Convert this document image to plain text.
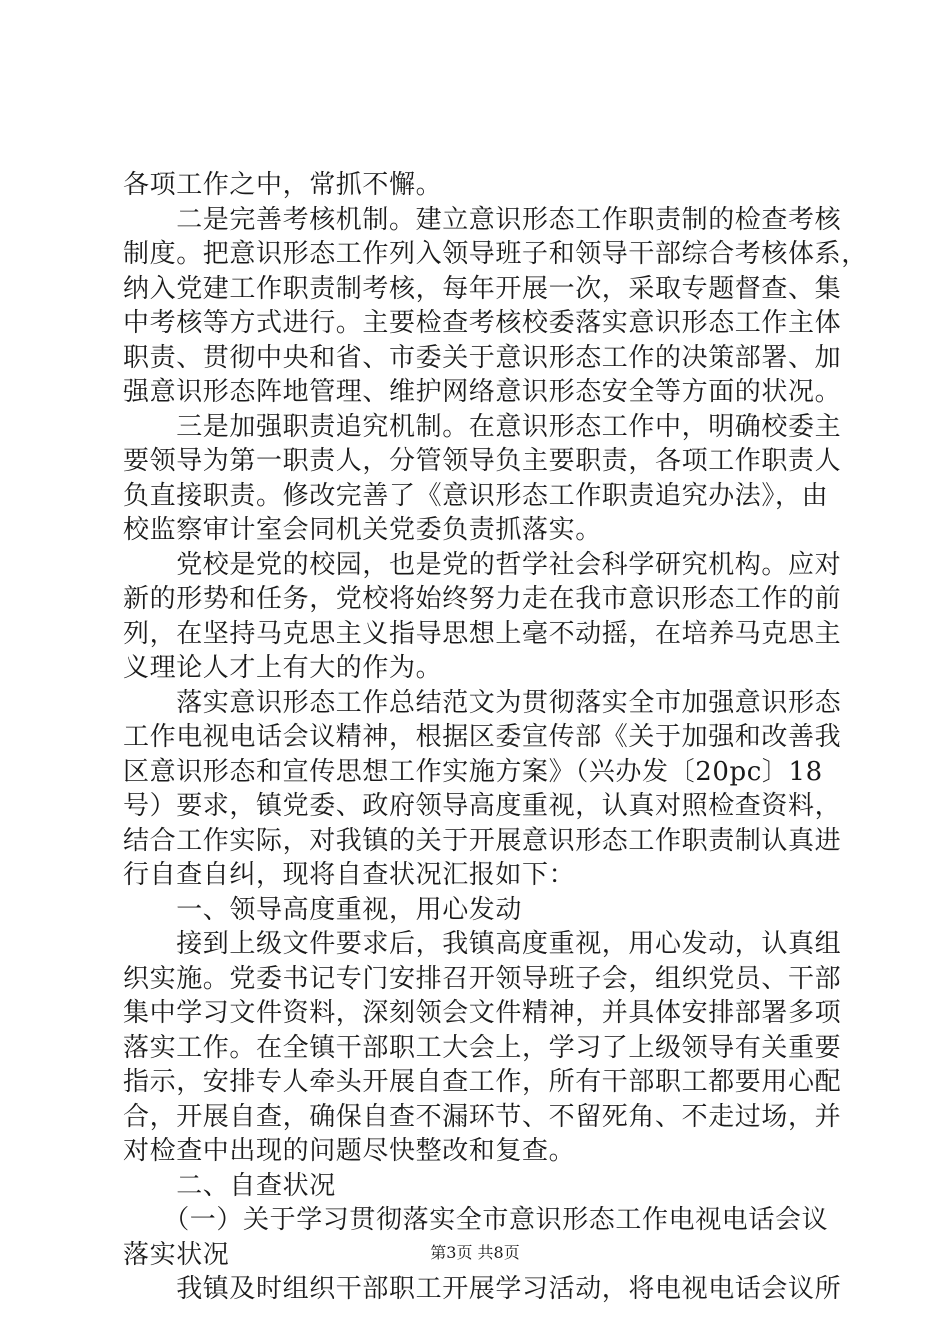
各项工作之中，常抓不懈。
　　二是完善考核机制。建立意识形态工作职责制的检查考核
制度。把意识形态工作列入领导班子和领导干部综合考核体系，
纳入党建工作职责制考核，每年开展一次，采取专题督查、集
中考核等方式进行。主要检查考核校委落实意识形态工作主体
职责、贯彻中央和省、市委关于意识形态工作的决策部署、加
强意识形态阵地管理、维护网络意识形态安全等方面的状况。
　　三是加强职责追究机制。在意识形态工作中，明确校委主
要领导为第一职责人，分管领导负主要职责，各项工作职责人
负直接职责。修改完善了《意识形态工作职责追究办法》，由
校监察审计室会同机关党委负责抓落实。
　　党校是党的校园，也是党的哲学社会科学研究机构。应对
新的形势和任务，党校将始终努力走在我市意识形态工作的前
列，在坚持马克思主义指导思想上毫不动摇，在培养马克思主
义理论人才上有大的作为。
　　落实意识形态工作总结范文为贯彻落实全市加强意识形态
工作电视电话会议精神，根据区委宣传部《关于加强和改善我
区意识形态和宣传思想工作实施方案》（兴办发〔20pc〕18
号）要求，镇党委、政府领导高度重视，认真对照检查资料，
结合工作实际，对我镇的关于开展意识形态工作职责制认真进
行自查自纠，现将自查状况汇报如下：
　　一、领导高度重视，用心发动
　　接到上级文件要求后，我镇高度重视，用心发动，认真组
织实施。党委书记专门安排召开领导班子会，组织党员、干部
集中学习文件资料，深刻领会文件精神，并具体安排部署多项
落实工作。在全镇干部职工大会上，学习了上级领导有关重要
指示，安排专人牵头开展自查工作，所有干部职工都要用心配
合，开展自查，确保自查不漏环节、不留死角、不走过场，并
对检查中出现的问题尽快整改和复查。
　　二、自查状况
　　（一）关于学习贯彻落实全市意识形态工作电视电话会议
落实状况
　　我镇及时组织干部职工开展学习活动，将电视电话会议所
第3页 共8页
